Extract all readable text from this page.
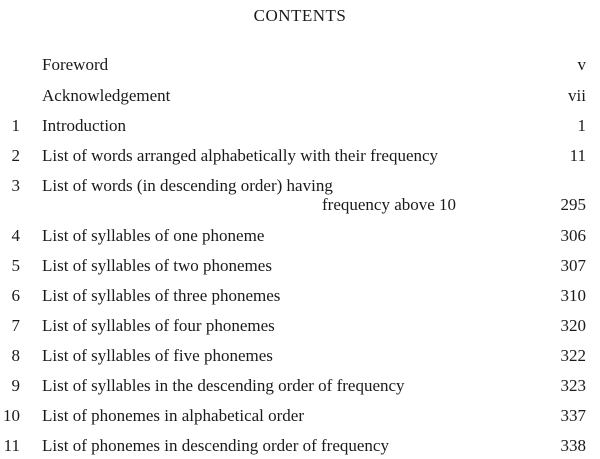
CONTENTS
Foreword	v
Acknowledgement	vii
1 Introduction	1
2 List of words arranged alphabetically with their frequency	11
3 List of words (in descending order) having
frequency above 10	295
4 List of syllables of one phoneme	306
5 List of syllables of two phonemes	307
6 List of syllables of three phonemes	310
7 List of syllables of four phonemes	320
8 List of syllables of five phonemes	322
9 List of syllables in the descending order of frequency	323
10 List of phonemes in alphabetical order	337
11 List of phonemes in descending order of frequency	338
